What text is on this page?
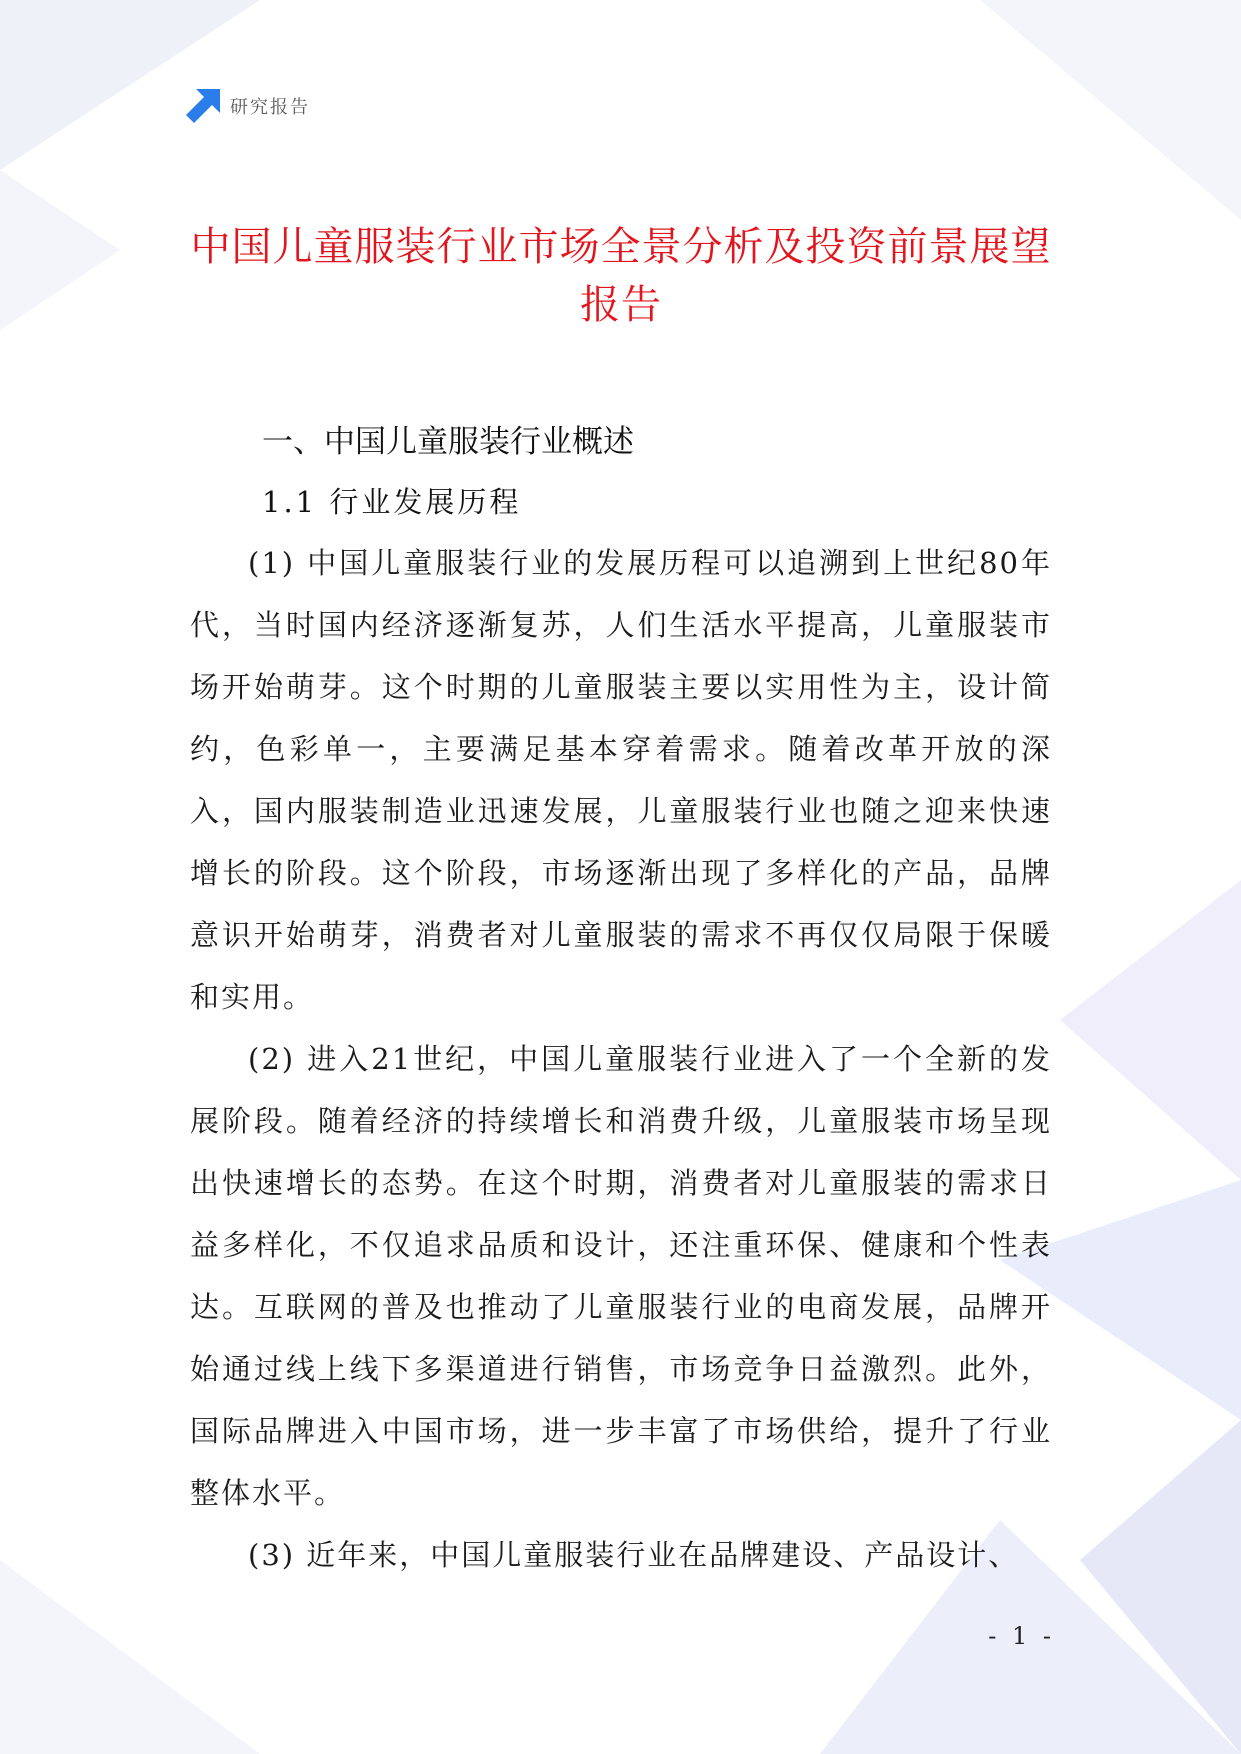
研究报告
中国儿童服装行业市场全景分析及投资前景展望报告
一、中国儿童服装行业概述
1.1 行业发展历程

(1) 中国儿童服装行业的发展历程可以追溯到上世纪80年代，当时国内经济逐渐复苏，人们生活水平提高，儿童服装市场开始萌芽。这个时期的儿童服装主要以实用性为主，设计简约，色彩单一，主要满足基本穿着需求。随着改革开放的深入，国内服装制造业迅速发展，儿童服装行业也随之迎来快速增长的阶段。这个阶段，市场逐渐出现了多样化的产品，品牌意识开始萌芽，消费者对儿童服装的需求不再仅仅局限于保暖和实用。

(2) 进入21世纪，中国儿童服装行业进入了一个全新的发展阶段。随着经济的持续增长和消费升级，儿童服装市场呈现出快速增长的态势。在这个时期，消费者对儿童服装的需求日益多样化，不仅追求品质和设计，还注重环保、健康和个性表达。互联网的普及也推动了儿童服装行业的电商发展，品牌开始通过线上线下多渠道进行销售，市场竞争日益激烈。此外，国际品牌进入中国市场，进一步丰富了市场供给，提升了行业整体水平。

(3) 近年来，中国儿童服装行业在品牌建设、产品设计、

- 1 -
